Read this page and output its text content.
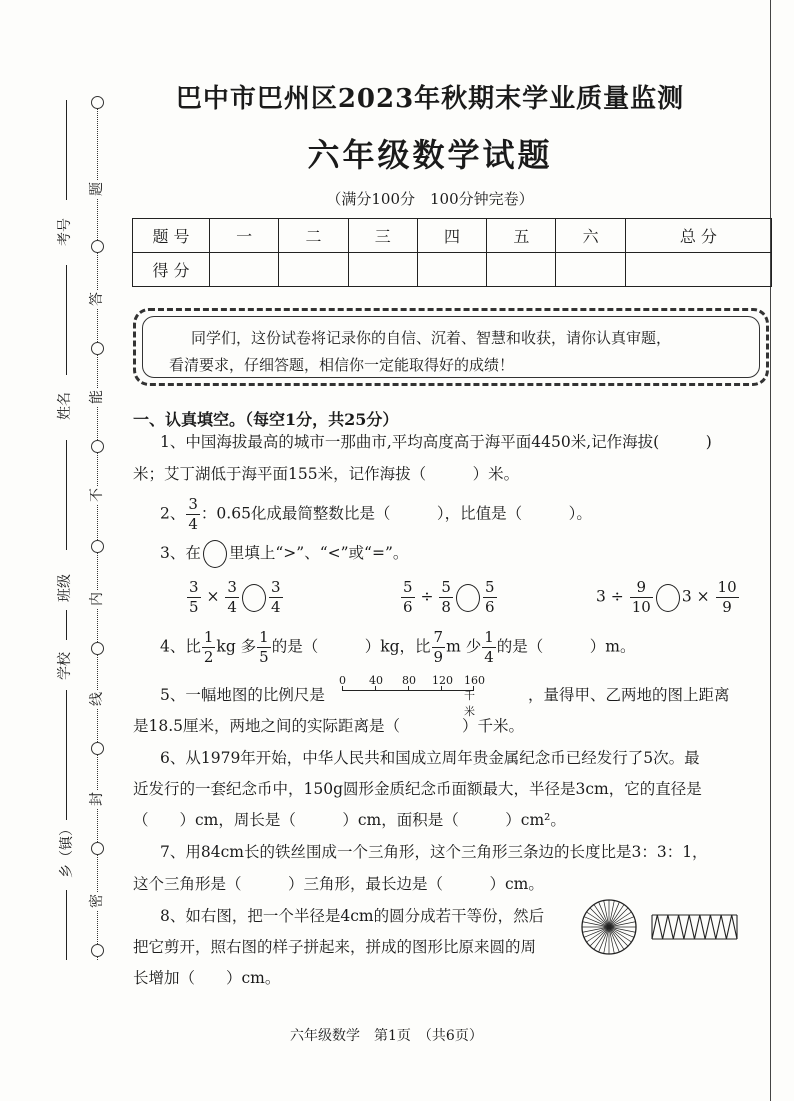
题
答
能
不
内
线
封
密
考号
姓名
班级
学校
乡（镇）
巴中市巴州区2023年秋期末学业质量监测
六年级数学试题
（满分100分　100分钟完卷）
题 号	一	二	三	四	五	六	总 分
得 分							
同学们，这份试卷将记录你的自信、沉着、智慧和收获，请你认真审题，
看清要求，仔细答题，相信你一定能取得好的成绩！
一、认真填空。（每空1分，共25分）
1、中国海拔最高的城市一那曲市,平均高度高于海平面4450米,记作海拔(　　　)
米；艾丁湖低于海平面155米，记作海拔（　　　）米。
2、 $\frac{3}{4}$ ：0.65化成最简整数比是（　　　），比值是（　　　）。
3、在 里填上“>”、“<”或“=”。
$\frac{3}{5} \times \frac{3}{4} \frac{3}{4}$	$\frac{5}{6} \div \frac{5}{8} \frac{5}{6}$	$3 \div \frac{9}{10} 3 \times \frac{10}{9}$
4、比 $\frac{1}{2}$ kg 多 $\frac{1}{5}$ 的是（　　　）kg，比 $\frac{7}{9}$ m 少 $\frac{1}{4}$ 的是（　　　）m。
5、一幅地图的比例尺是
0 40 80 120 160千米
，量得甲、乙两地的图上距离
是18.5厘米，两地之间的实际距离是（　　　　）千米。
6、从1979年开始，中华人民共和国成立周年贵金属纪念币已经发行了5次。最
近发行的一套纪念币中，150g圆形金质纪念币面额最大，半径是3cm，它的直径是
（　　）cm，周长是（　　　）cm，面积是（　　　）cm²。
7、用84cm长的铁丝围成一个三角形，这个三角形三条边的长度比是3：3：1，
这个三角形是（　　　）三角形，最长边是（　　　）cm。
8、如右图，把一个半径是4cm的圆分成若干等份，然后
把它剪开，照右图的样子拼起来，拼成的图形比原来圆的周
长增加（　　）cm。
六年级数学　第1页　（共6页）
